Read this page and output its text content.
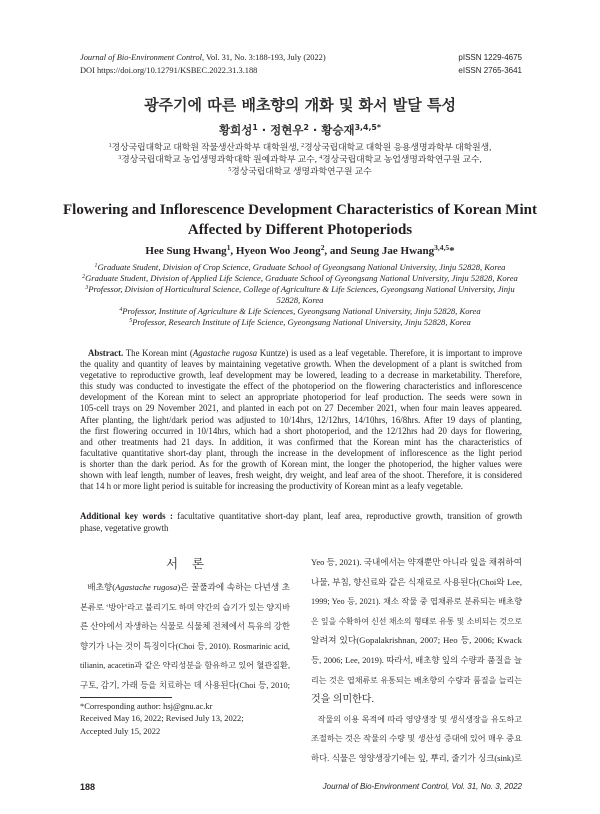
Journal of Bio-Environment Control, Vol. 31, No. 3:188-193, July (2022)
DOI https://doi.org/10.12791/KSBEC.2022.31.3.188
pISSN 1229-4675
eISSN 2765-3641
광주기에 따른 배초향의 개화 및 화서 발달 특성
황희성$^1$ · 정현우$^2$ · 황승재$^{3,4,5*}$
$^1$경상국립대학교 대학원 작물생산과학부 대학원생, $^2$경상국립대학교 대학원 응용생명과학부 대학원생,
$^3$경상국립대학교 농업생명과학대학 원예과학부 교수, $^4$경상국립대학교 농업생명과학연구원 교수,
$^5$경상국립대학교 생명과학연구원 교수
Flowering and Inflorescence Development Characteristics of Korean Mint
Affected by Different Photoperiods
Hee Sung Hwang$^1$, Hyeon Woo Jeong$^2$, and Seung Jae Hwang$^{3,4,5}$*
$^1$Graduate Student, Division of Crop Science, Graduate School of Gyeongsang National University, Jinju 52828, Korea
$^2$Graduate Student, Division of Applied Life Science, Graduate School of Gyeongsang National University, Jinju 52828, Korea
$^3$Professor, Division of Horticultural Science, College of Agriculture & Life Sciences, Gyeongsang National University, Jinju
52828, Korea
$^4$Professor, Institute of Agriculture & Life Sciences, Gyeongsang National University, Jinju 52828, Korea
$^5$Professor, Research Institute of Life Science, Gyeongsang National University, Jinju 52828, Korea
Abstract. The Korean mint (Agastache rugosa Kuntze) is used as a leaf vegetable. Therefore, it is important to improve
the quality and quantity of leaves by maintaining vegetative growth. When the development of a plant is switched from
vegetative to reproductive growth, leaf development may be lowered, leading to a decrease in marketability. Therefore,
this study was conducted to investigate the effect of the photoperiod on the flowering characteristics and inflorescence
development of the Korean mint to select an appropriate photoperiod for leaf production. The seeds were sown in
105-cell trays on 29 November 2021, and planted in each pot on 27 December 2021, when four main leaves appeared.
After planting, the light/dark period was adjusted to 10/14hrs, 12/12hrs, 14/10hrs, 16/8hrs. After 19 days of planting,
the first flowering occurred in 10/14hrs, which had a short photoperiod, and the 12/12hrs had 20 days for flowering,
and other treatments had 21 days. In addition, it was confirmed that the Korean mint has the characteristics of
facultative quantitative short-day plant, through the increase in the development of inflorescence as the light period
is shorter than the dark period. As for the growth of Korean mint, the longer the photoperiod, the higher values were
shown with leaf length, number of leaves, fresh weight, dry weight, and leaf area of the shoot. Therefore, it is considered
that 14 h or more light period is suitable for increasing the productivity of Korean mint as a leafy vegetable.
Additional key words : facultative quantitative short-day plant, leaf area, reproductive growth, transition of growth
phase, vegetative growth
서 론
배초향(Agastache rugosa)은 꿀풀과에 속하는 다년생 초
본류로 ‘방아’라고 불리기도 하며 약간의 습기가 있는 양지바
른 산야에서 자생하는 식물로 식물체 전체에서 특유의 강한
향기가 나는 것이 특징이다(Choi 등, 2010). Rosmarinic acid,
tilianin, acacetin과 같은 약리성분을 함유하고 있어 혈관질환,
구토, 감기, 가래 등을 치료하는 데 사용된다(Choi 등, 2010;
*Corresponding author: hsj@gnu.ac.kr
Received May 16, 2022; Revised July 13, 2022;
Accepted July 15, 2022
Yeo 등, 2021). 국내에서는 약재뿐만 아니라 잎을 채취하여
나물, 부침, 향신료와 같은 식재료로 사용된다(Choi와 Lee,
1999; Yeo 등, 2021). 채소 작물 중 엽채류로 분류되는 배초향
은 잎을 수확하여 신선 채소의 형태로 유통 및 소비되는 것으로
알려져 있다(Gopalakrishnan, 2007; Heo 등, 2006; Kwack
등, 2006; Lee, 2019). 따라서, 배초향 잎의 수량과 품질을 늘
리는 것은 엽채류로 유통되는 배초향의 수량과 품질을 늘리는
것을 의미한다.
작물의 이용 목적에 따라 영양생장 및 생식생장을 유도하고
조절하는 것은 작물의 수량 및 생산성 증대에 있어 매우 중요
하다. 식물은 영양생장기에는 잎, 뿌리, 줄기가 싱크(sink)로
188	Journal of Bio-Environment Control, Vol. 31, No. 3, 2022
